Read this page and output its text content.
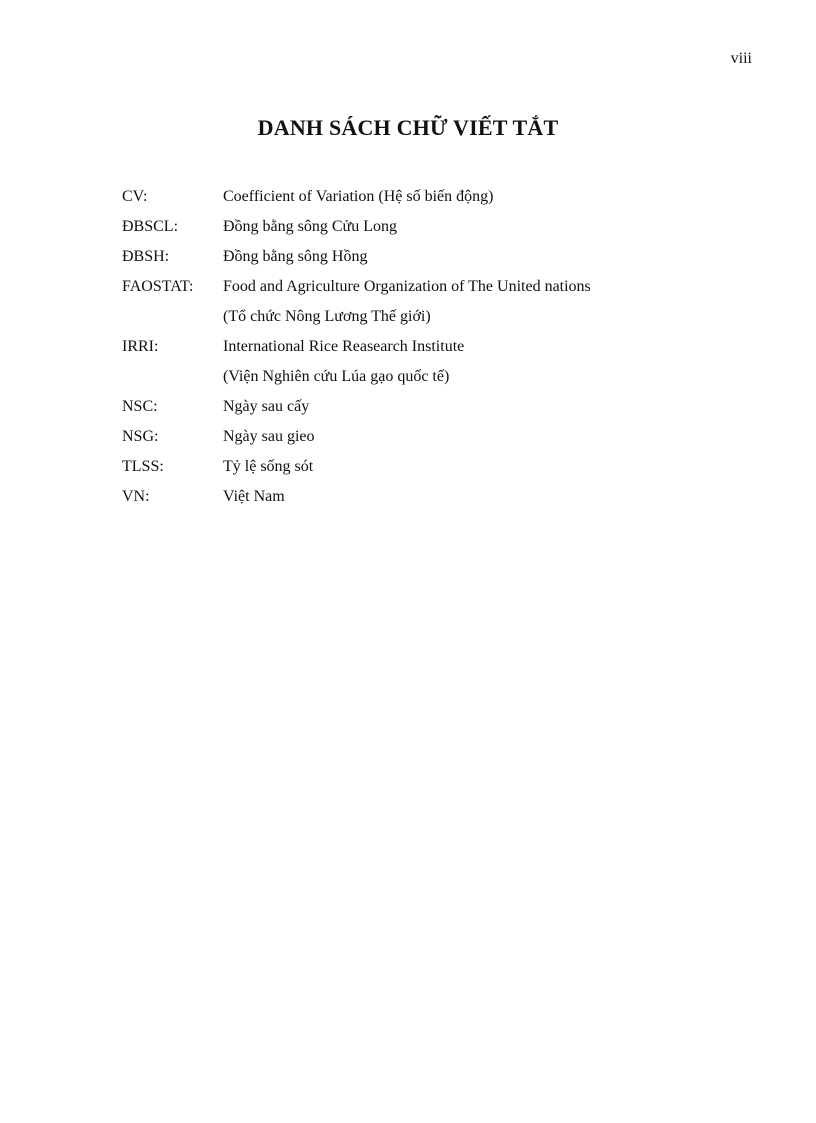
viii
DANH SÁCH CHỮ VIẾT TẮT
CV:	Coefficient of Variation (Hệ số biến động)
ĐBSCL:	Đồng bằng sông Cửu Long
ĐBSH:	Đồng bằng sông Hồng
FAOSTAT: Food and Agriculture Organization of The United nations
(Tổ chức Nông Lương Thế giới)
IRRI:	International Rice Reasearch Institute
(Viện Nghiên cứu Lúa gạo quốc tế)
NSC:	Ngày sau cấy
NSG:	Ngày sau gieo
TLSS:	Tỷ lệ sống sót
VN:	Việt Nam
